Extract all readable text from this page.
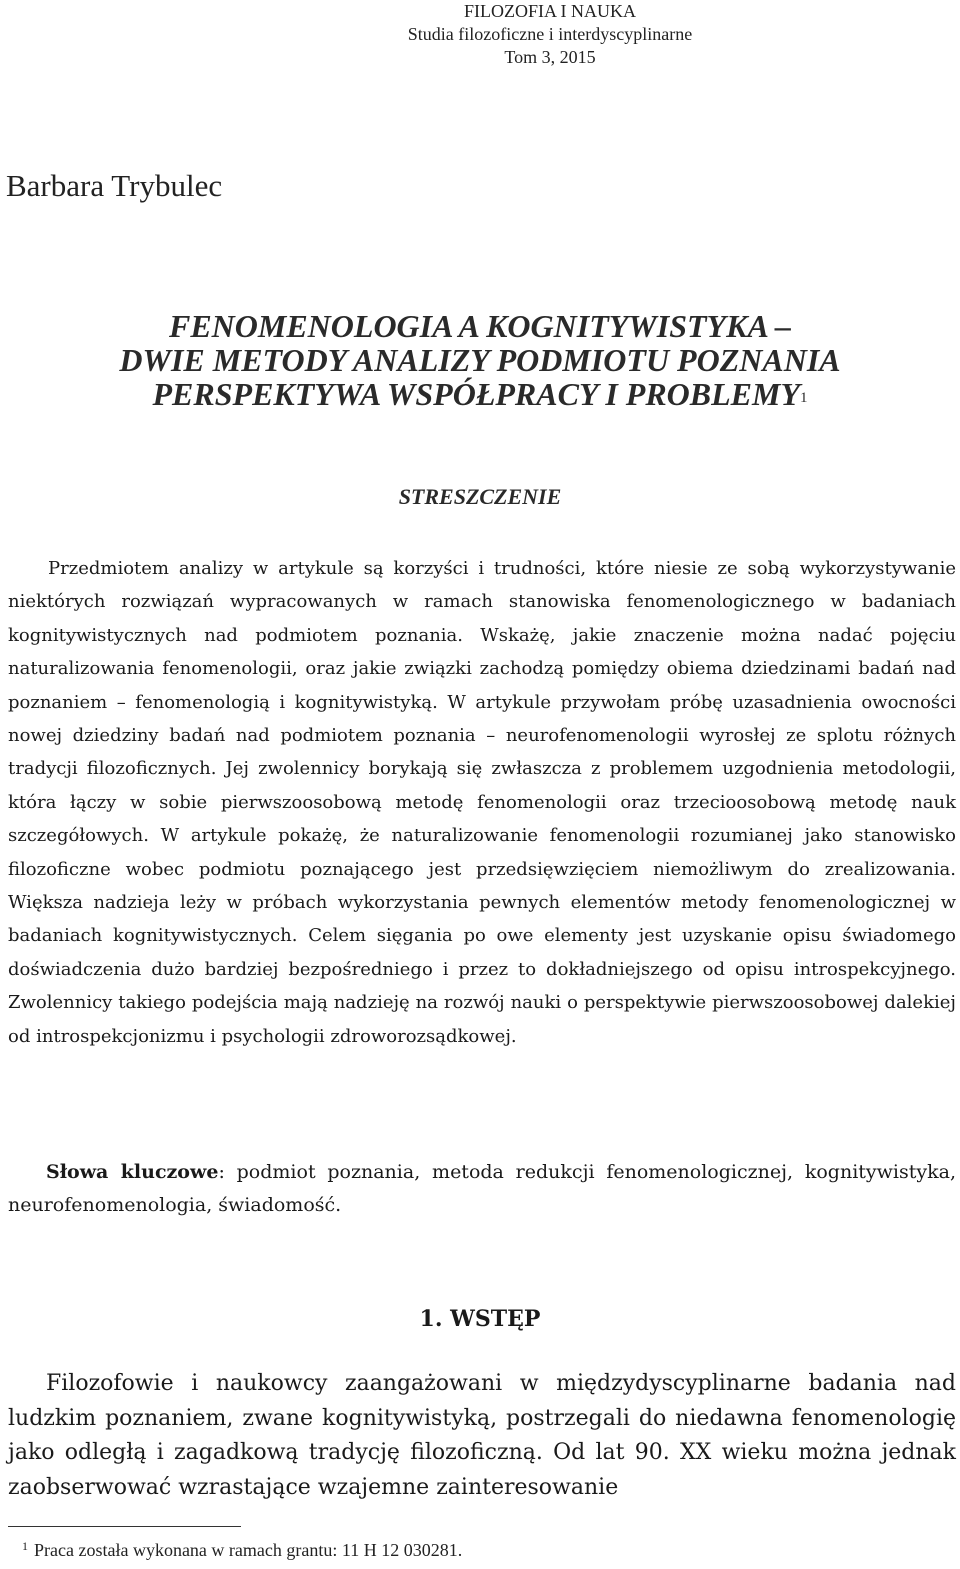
FILOZOFIA I NAUKA
Studia filozoficzne i interdyscyplinarne
Tom 3, 2015
Barbara Trybulec
FENOMENOLOGIA A KOGNITYWISTYKA –
DWIE METODY ANALIZY PODMIOTU POZNANIA
PERSPEKTYWA WSPÓŁPRACY I PROBLEMY$^1$
STRESZCZENIE
Przedmiotem analizy w artykule są korzyści i trudności, które niesie ze sobą wykorzystywanie niektórych rozwiązań wypracowanych w ramach stanowiska fenomenologicznego w badaniach kognitywistycznych nad podmiotem poznania. Wskażę, jakie znaczenie można nadać pojęciu naturalizowania fenomenologii, oraz jakie związki zachodzą pomiędzy obiema dziedzinami badań nad poznaniem – fenomenologią i kognitywistyką. W artykule przywołam próbę uzasadnienia owocności nowej dziedziny badań nad podmiotem poznania – neurofenomenologii wyrosłej ze splotu różnych tradycji filozoficznych. Jej zwolennicy borykają się zwłaszcza z problemem uzgodnienia metodologii, która łączy w sobie pierwszoosobową metodę fenomenologii oraz trzecioosobową metodę nauk szczegółowych. W artykule pokażę, że naturalizowanie fenomenologii rozumianej jako stanowisko filozoficzne wobec podmiotu poznającego jest przedsięwzięciem niemożliwym do zrealizowania. Większa nadzieja leży w próbach wykorzystania pewnych elementów metody fenomenologicznej w badaniach kognitywistycznych. Celem sięgania po owe elementy jest uzyskanie opisu świadomego doświadczenia dużo bardziej bezpośredniego i przez to dokładniejszego od opisu introspekcyjnego. Zwolennicy takiego podejścia mają nadzieję na rozwój nauki o perspektywie pierwszoosobowej dalekiej od introspekcjonizmu i psychologii zdroworozsądkowej.
Słowa kluczowe: podmiot poznania, metoda redukcji fenomenologicznej, kognitywistyka, neurofenomenologia, świadomość.
1. WSTĘP
Filozofowie i naukowcy zaangażowani w międzydyscyplinarne badania nad ludzkim poznaniem, zwane kognitywistyką, postrzegali do niedawna fenomenologię jako odległą i zagadkową tradycję filozoficzną. Od lat 90. XX wieku można jednak zaobserwować wzrastające wzajemne zainteresowanie
$^1$ Praca została wykonana w ramach grantu: 11 H 12 030281.
